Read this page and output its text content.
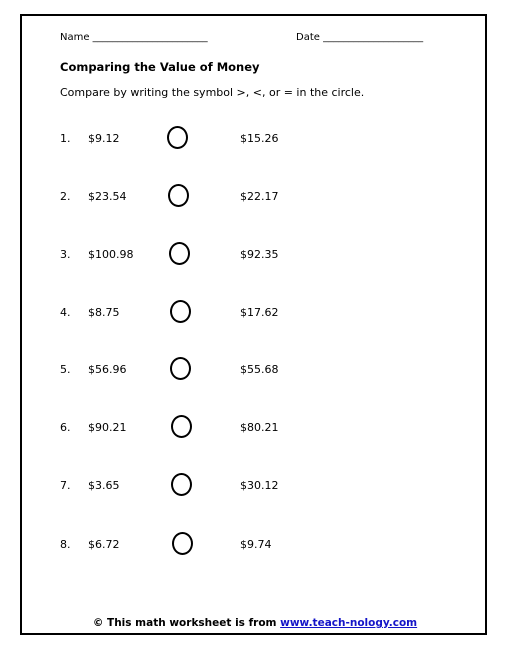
Name _______________________	Date ____________________
Comparing the Value of Money
Compare by writing the symbol >, <, or = in the circle.
1. $9.12	$15.26
2. $23.54	$22.17
3. $100.98	$92.35
4. $8.75	$17.62
5. $56.96	$55.68
6. $90.21	$80.21
7. $3.65	$30.12
8. $6.72	$9.74
© This math worksheet is from www.teach-nology.com
